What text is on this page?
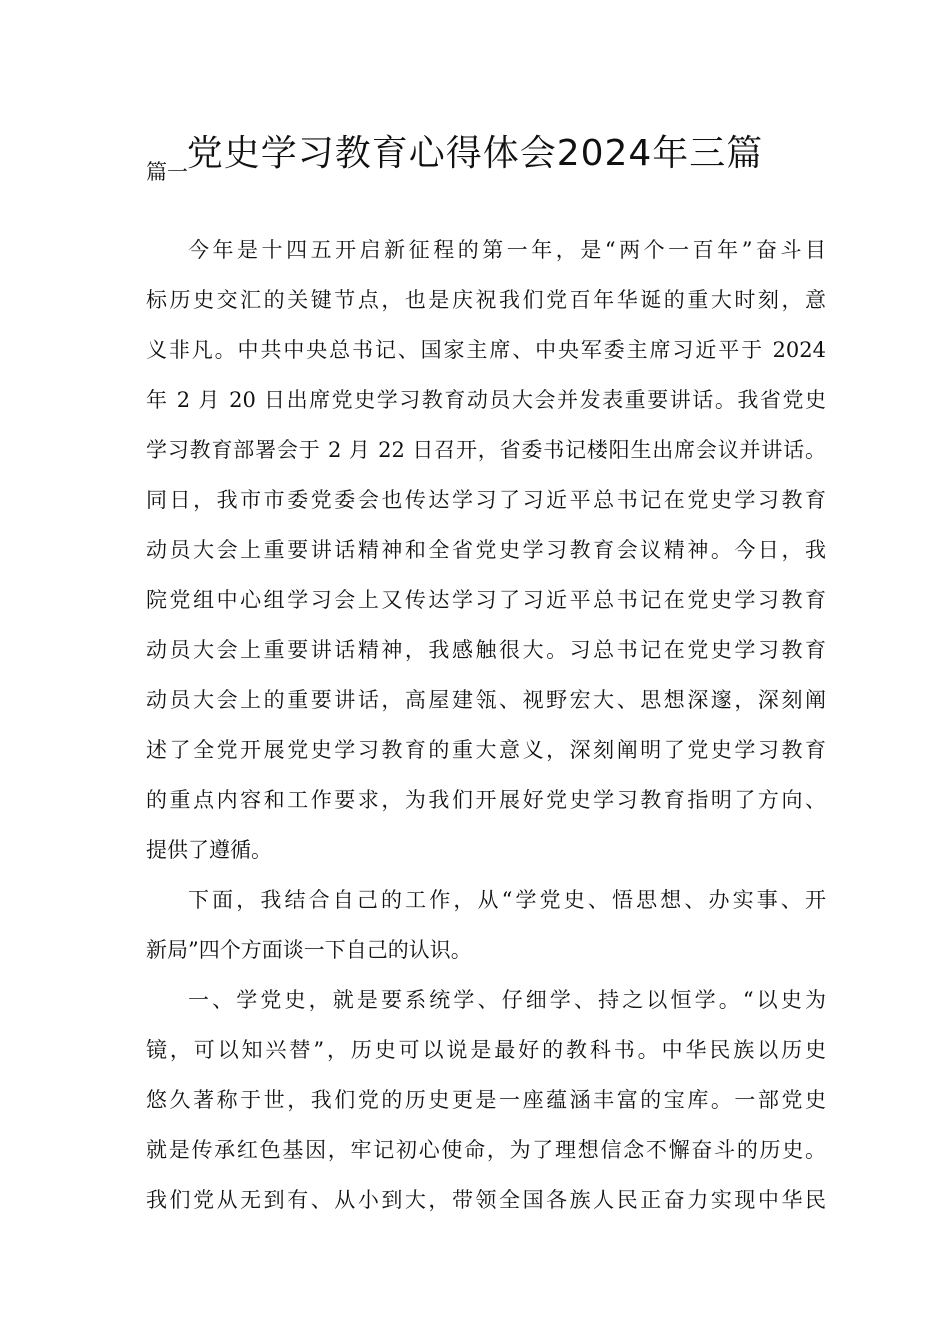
党史学习教育心得体会2024年三篇
篇一
今年是十四五开启新征程的第一年，是“两个一百年”奋斗目
标历史交汇的关键节点，也是庆祝我们党百年华诞的重大时刻，意
义非凡。中共中央总书记、国家主席、中央军委主席习近平于 2024
年 2 月 20 日出席党史学习教育动员大会并发表重要讲话。我省党史
学习教育部署会于 2 月 22 日召开，省委书记楼阳生出席会议并讲话。
同日，我市市委党委会也传达学习了习近平总书记在党史学习教育
动员大会上重要讲话精神和全省党史学习教育会议精神。今日，我
院党组中心组学习会上又传达学习了习近平总书记在党史学习教育
动员大会上重要讲话精神，我感触很大。习总书记在党史学习教育
动员大会上的重要讲话，高屋建瓴、视野宏大、思想深邃，深刻阐
述了全党开展党史学习教育的重大意义，深刻阐明了党史学习教育
的重点内容和工作要求，为我们开展好党史学习教育指明了方向、
提供了遵循。
下面，我结合自己的工作，从“学党史、悟思想、办实事、开
新局”四个方面谈一下自己的认识。
一、学党史，就是要系统学、仔细学、持之以恒学。“以史为
镜，可以知兴替”，历史可以说是最好的教科书。中华民族以历史
悠久著称于世，我们党的历史更是一座蕴涵丰富的宝库。一部党史
就是传承红色基因，牢记初心使命，为了理想信念不懈奋斗的历史。
我们党从无到有、从小到大，带领全国各族人民正奋力实现中华民
